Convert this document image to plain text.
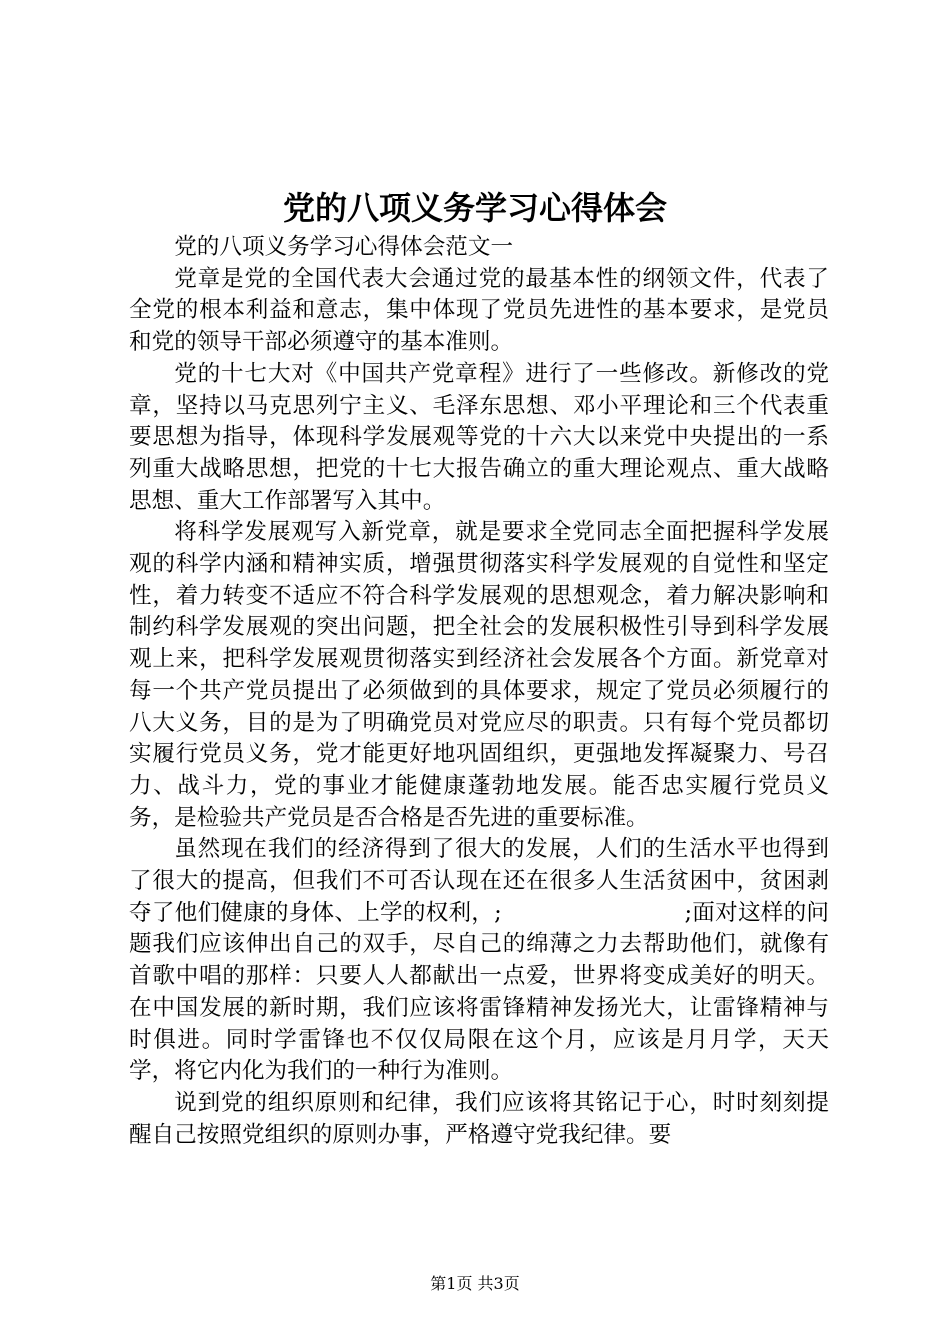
党的八项义务学习心得体会

党的八项义务学习心得体会范文一

党章是党的全国代表大会通过党的最基本性的纲领文件，代表了全党的根本利益和意志，集中体现了党员先进性的基本要求，是党员和党的领导干部必须遵守的基本准则。

党的十七大对《中国共产党章程》进行了一些修改。新修改的党章，坚持以马克思列宁主义、毛泽东思想、邓小平理论和三个代表重要思想为指导，体现科学发展观等党的十六大以来党中央提出的一系列重大战略思想，把党的十七大报告确立的重大理论观点、重大战略思想、重大工作部署写入其中。

将科学发展观写入新党章，就是要求全党同志全面把握科学发展观的科学内涵和精神实质，增强贯彻落实科学发展观的自觉性和坚定性，着力转变不适应不符合科学发展观的思想观念，着力解决影响和制约科学发展观的突出问题，把全社会的发展积极性引导到科学发展观上来，把科学发展观贯彻落实到经济社会发展各个方面。新党章对每一个共产党员提出了必须做到的具体要求，规定了党员必须履行的八大义务，目的是为了明确党员对党应尽的职责。只有每个党员都切实履行党员义务，党才能更好地巩固组织，更强地发挥凝聚力、号召力、战斗力，党的事业才能健康蓬勃地发展。能否忠实履行党员义务，是检验共产党员是否合格是否先进的重要标准。

虽然现在我们的经济得到了很大的发展，人们的生活水平也得到了很大的提高，但我们不可否认现在还在很多人生活贫困中，贫困剥夺了他们健康的身体、上学的权利，;　　　　　　　　;面对这样的问题我们应该伸出自己的双手，尽自己的绵薄之力去帮助他们，就像有首歌中唱的那样：只要人人都献出一点爱，世界将变成美好的明天。在中国发展的新时期，我们应该将雷锋精神发扬光大，让雷锋精神与时俱进。同时学雷锋也不仅仅局限在这个月，应该是月月学，天天学，将它内化为我们的一种行为准则。

说到党的组织原则和纪律，我们应该将其铭记于心，时时刻刻提醒自己按照党组织的原则办事，严格遵守党我纪律。要

第1页 共3页
